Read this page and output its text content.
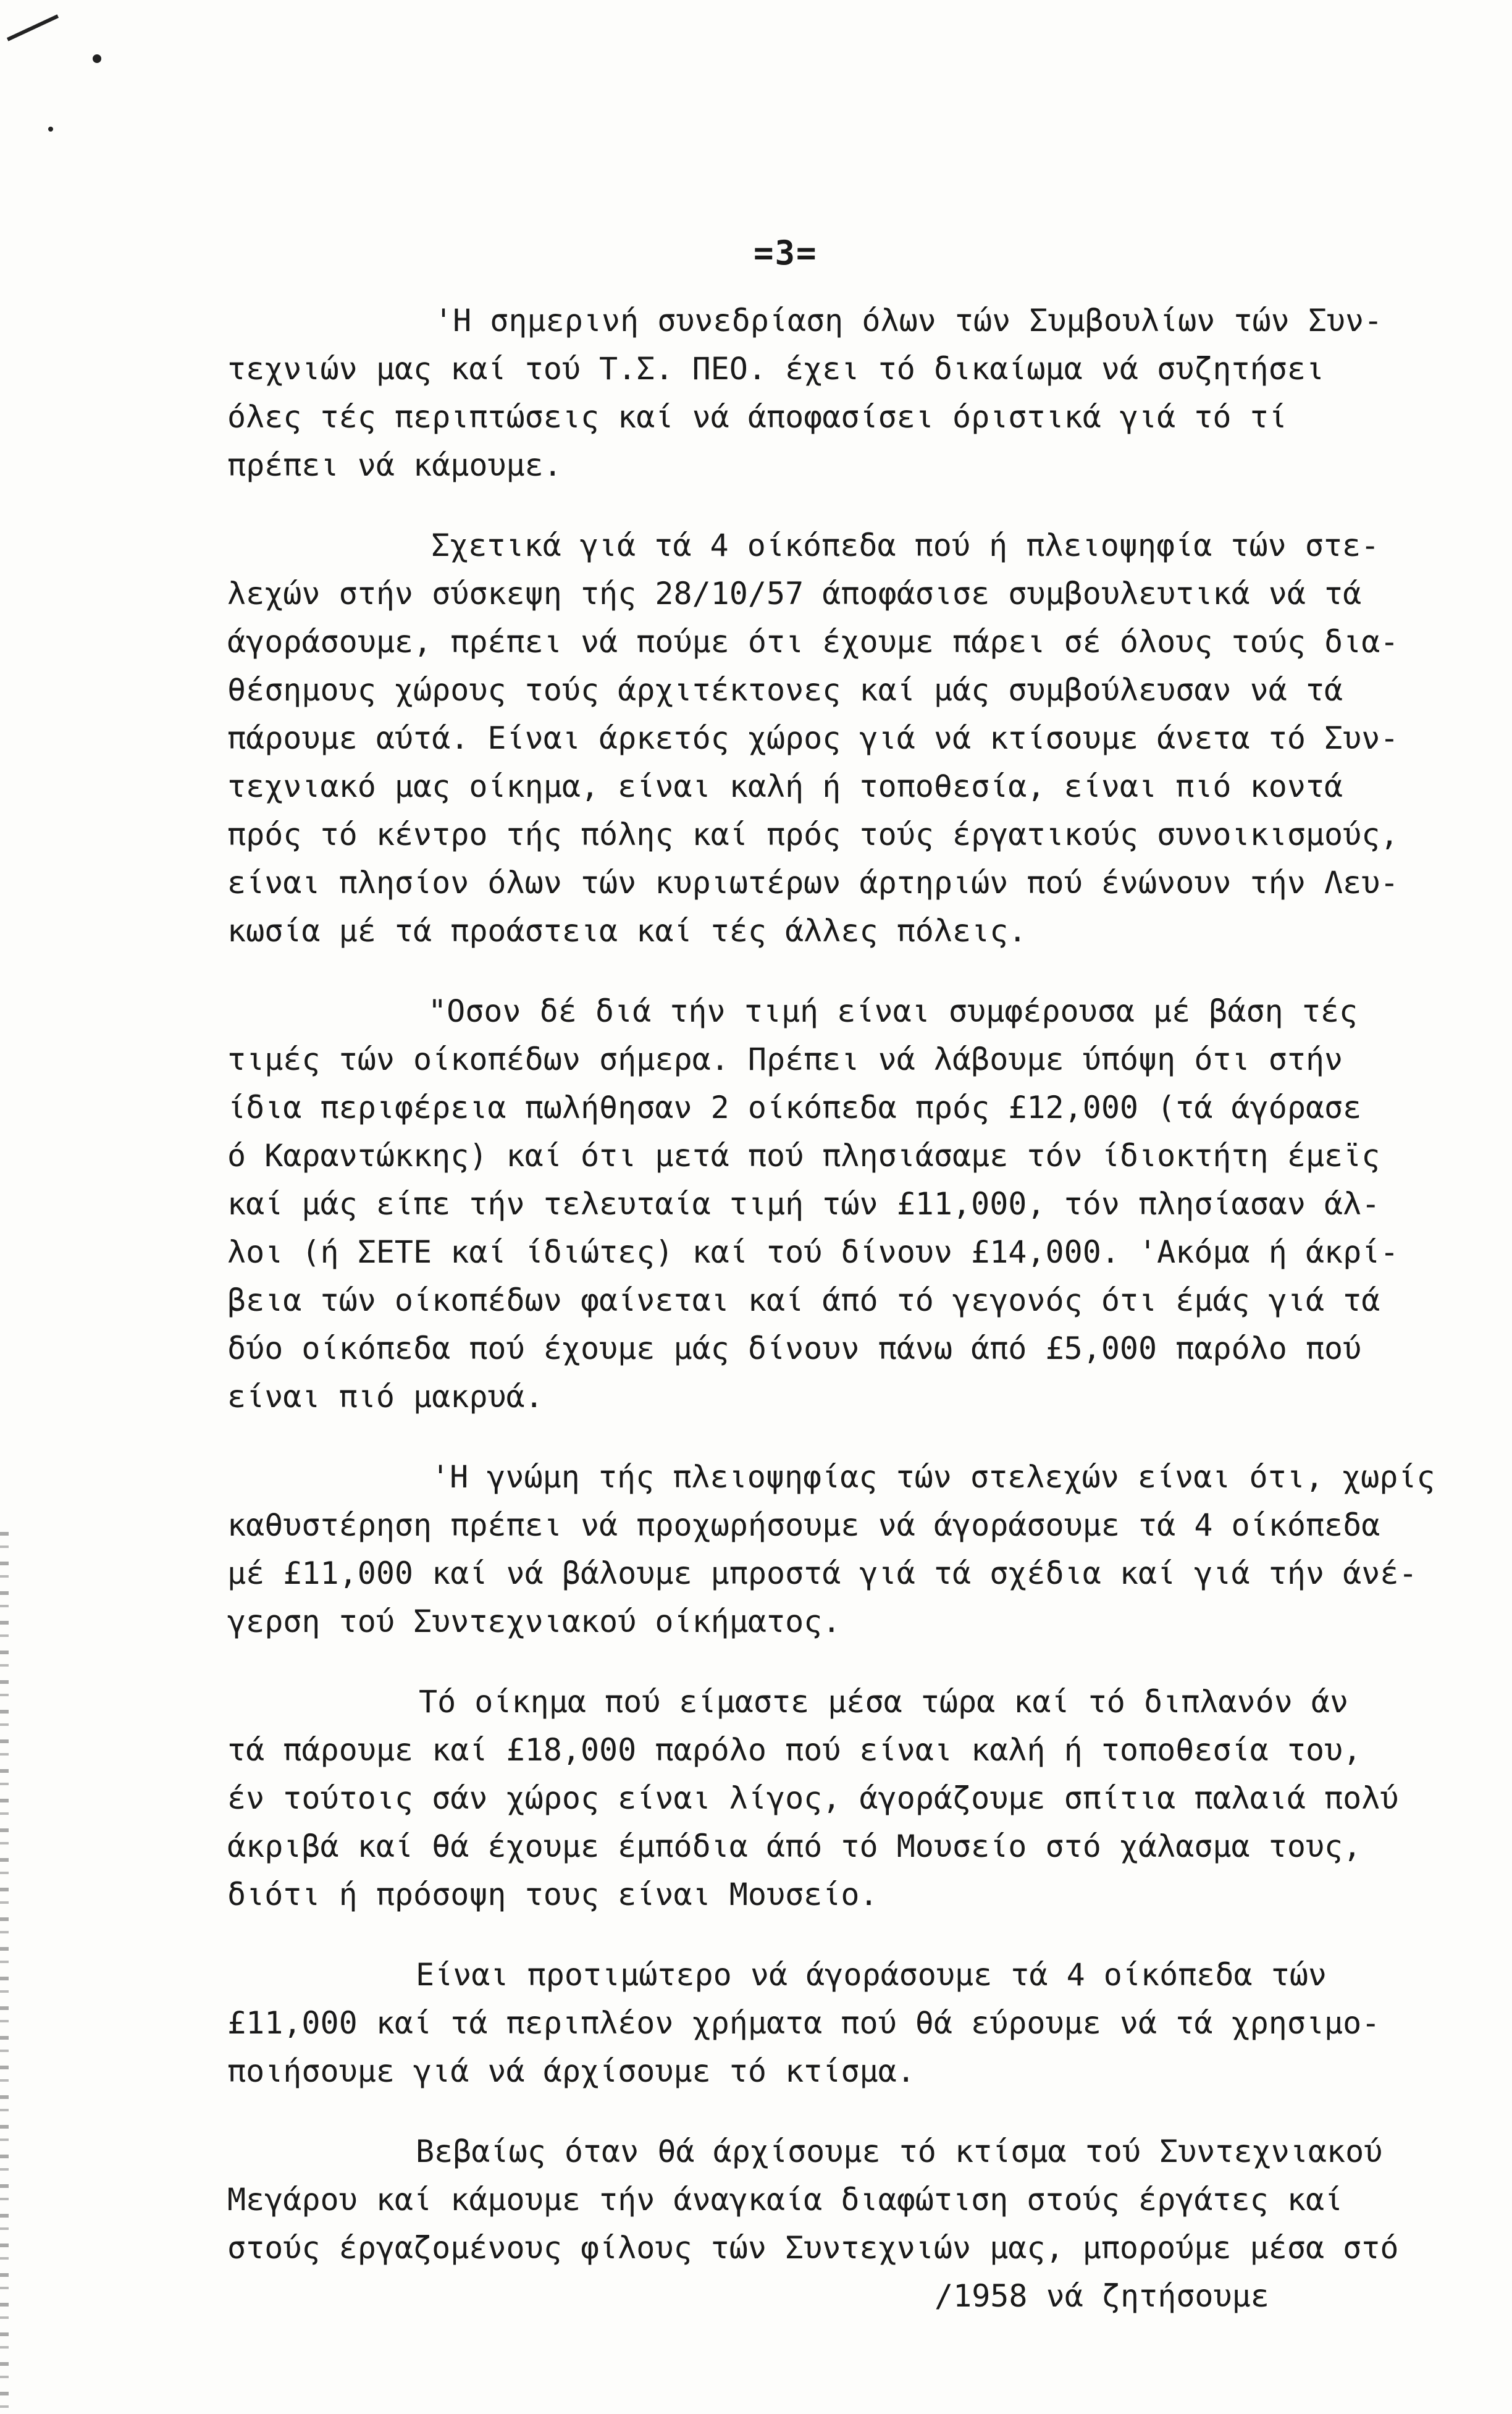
=3=
'Η σημερινή συνεδρίαση όλων τών Συμβουλίων τών Συν-
τεχνιών μας καί τού Τ.Σ. ΠΕΟ. έχει τό δικαίωμα νά συζητήσει
όλες τές περιπτώσεις καί νά άποφασίσει όριστικά γιά τό τί
πρέπει νά κάμουμε.
Σχετικά γιά τά 4 οίκόπεδα πού ή πλειοψηφία τών στε-
λεχών στήν σύσκεψη τής 28/10/57 άποφάσισε συμβουλευτικά νά τά
άγοράσουμε, πρέπει νά πούμε ότι έχουμε πάρει σέ όλους τούς δια-
θέσημους χώρους τούς άρχιτέκτονες καί μάς συμβούλευσαν νά τά
πάρουμε αύτά. Είναι άρκετός χώρος γιά νά κτίσουμε άνετα τό Συν-
τεχνιακό μας οίκημα, είναι καλή ή τοποθεσία, είναι πιό κοντά
πρός τό κέντρο τής πόλης καί πρός τούς έργατικούς συνοικισμούς,
είναι πλησίον όλων τών κυριωτέρων άρτηριών πού ένώνουν τήν Λευ-
κωσία μέ τά προάστεια καί τές άλλες πόλεις.
"Οσον δέ διά τήν τιμή είναι συμφέρουσα μέ βάση τές
τιμές τών οίκοπέδων σήμερα. Πρέπει νά λάβουμε ύπόψη ότι στήν
ίδια περιφέρεια πωλήθησαν 2 οίκόπεδα πρός £12,000 (τά άγόρασε
ό Καραντώκκης) καί ότι μετά πού πλησιάσαμε τόν ίδιοκτήτη έμεϊς
καί μάς είπε τήν τελευταία τιμή τών £11,000, τόν πλησίασαν άλ-
λοι (ή ΣΕΤΕ καί ίδιώτες) καί τού δίνουν £14,000. 'Ακόμα ή άκρί-
βεια τών οίκοπέδων φαίνεται καί άπό τό γεγονός ότι έμάς γιά τά
δύο οίκόπεδα πού έχουμε μάς δίνουν πάνω άπό £5,000 παρόλο πού
είναι πιό μακρυά.
'Η γνώμη τής πλειοψηφίας τών στελεχών είναι ότι, χωρίς
καθυστέρηση πρέπει νά προχωρήσουμε νά άγοράσουμε τά 4 οίκόπεδα
μέ £11,000 καί νά βάλουμε μπροστά γιά τά σχέδια καί γιά τήν άνέ-
γερση τού Συντεχνιακού οίκήματος.
Τό οίκημα πού είμαστε μέσα τώρα καί τό διπλανόν άν
τά πάρουμε καί £18,000 παρόλο πού είναι καλή ή τοποθεσία του,
έν τούτοις σάν χώρος είναι λίγος, άγοράζουμε σπίτια παλαιά πολύ
άκριβά καί θά έχουμε έμπόδια άπό τό Μουσείο στό χάλασμα τους,
διότι ή πρόσοψη τους είναι Μουσείο.
Είναι προτιμώτερο νά άγοράσουμε τά 4 οίκόπεδα τών
£11,000 καί τά περιπλέον χρήματα πού θά εύρουμε νά τά χρησιμο-
ποιήσουμε γιά νά άρχίσουμε τό κτίσμα.
Βεβαίως όταν θά άρχίσουμε τό κτίσμα τού Συντεχνιακού
Μεγάρου καί κάμουμε τήν άναγκαία διαφώτιση στούς έργάτες καί
στούς έργαζομένους φίλους τών Συντεχνιών μας, μπορούμε μέσα στό
/1958 νά ζητήσουμε
